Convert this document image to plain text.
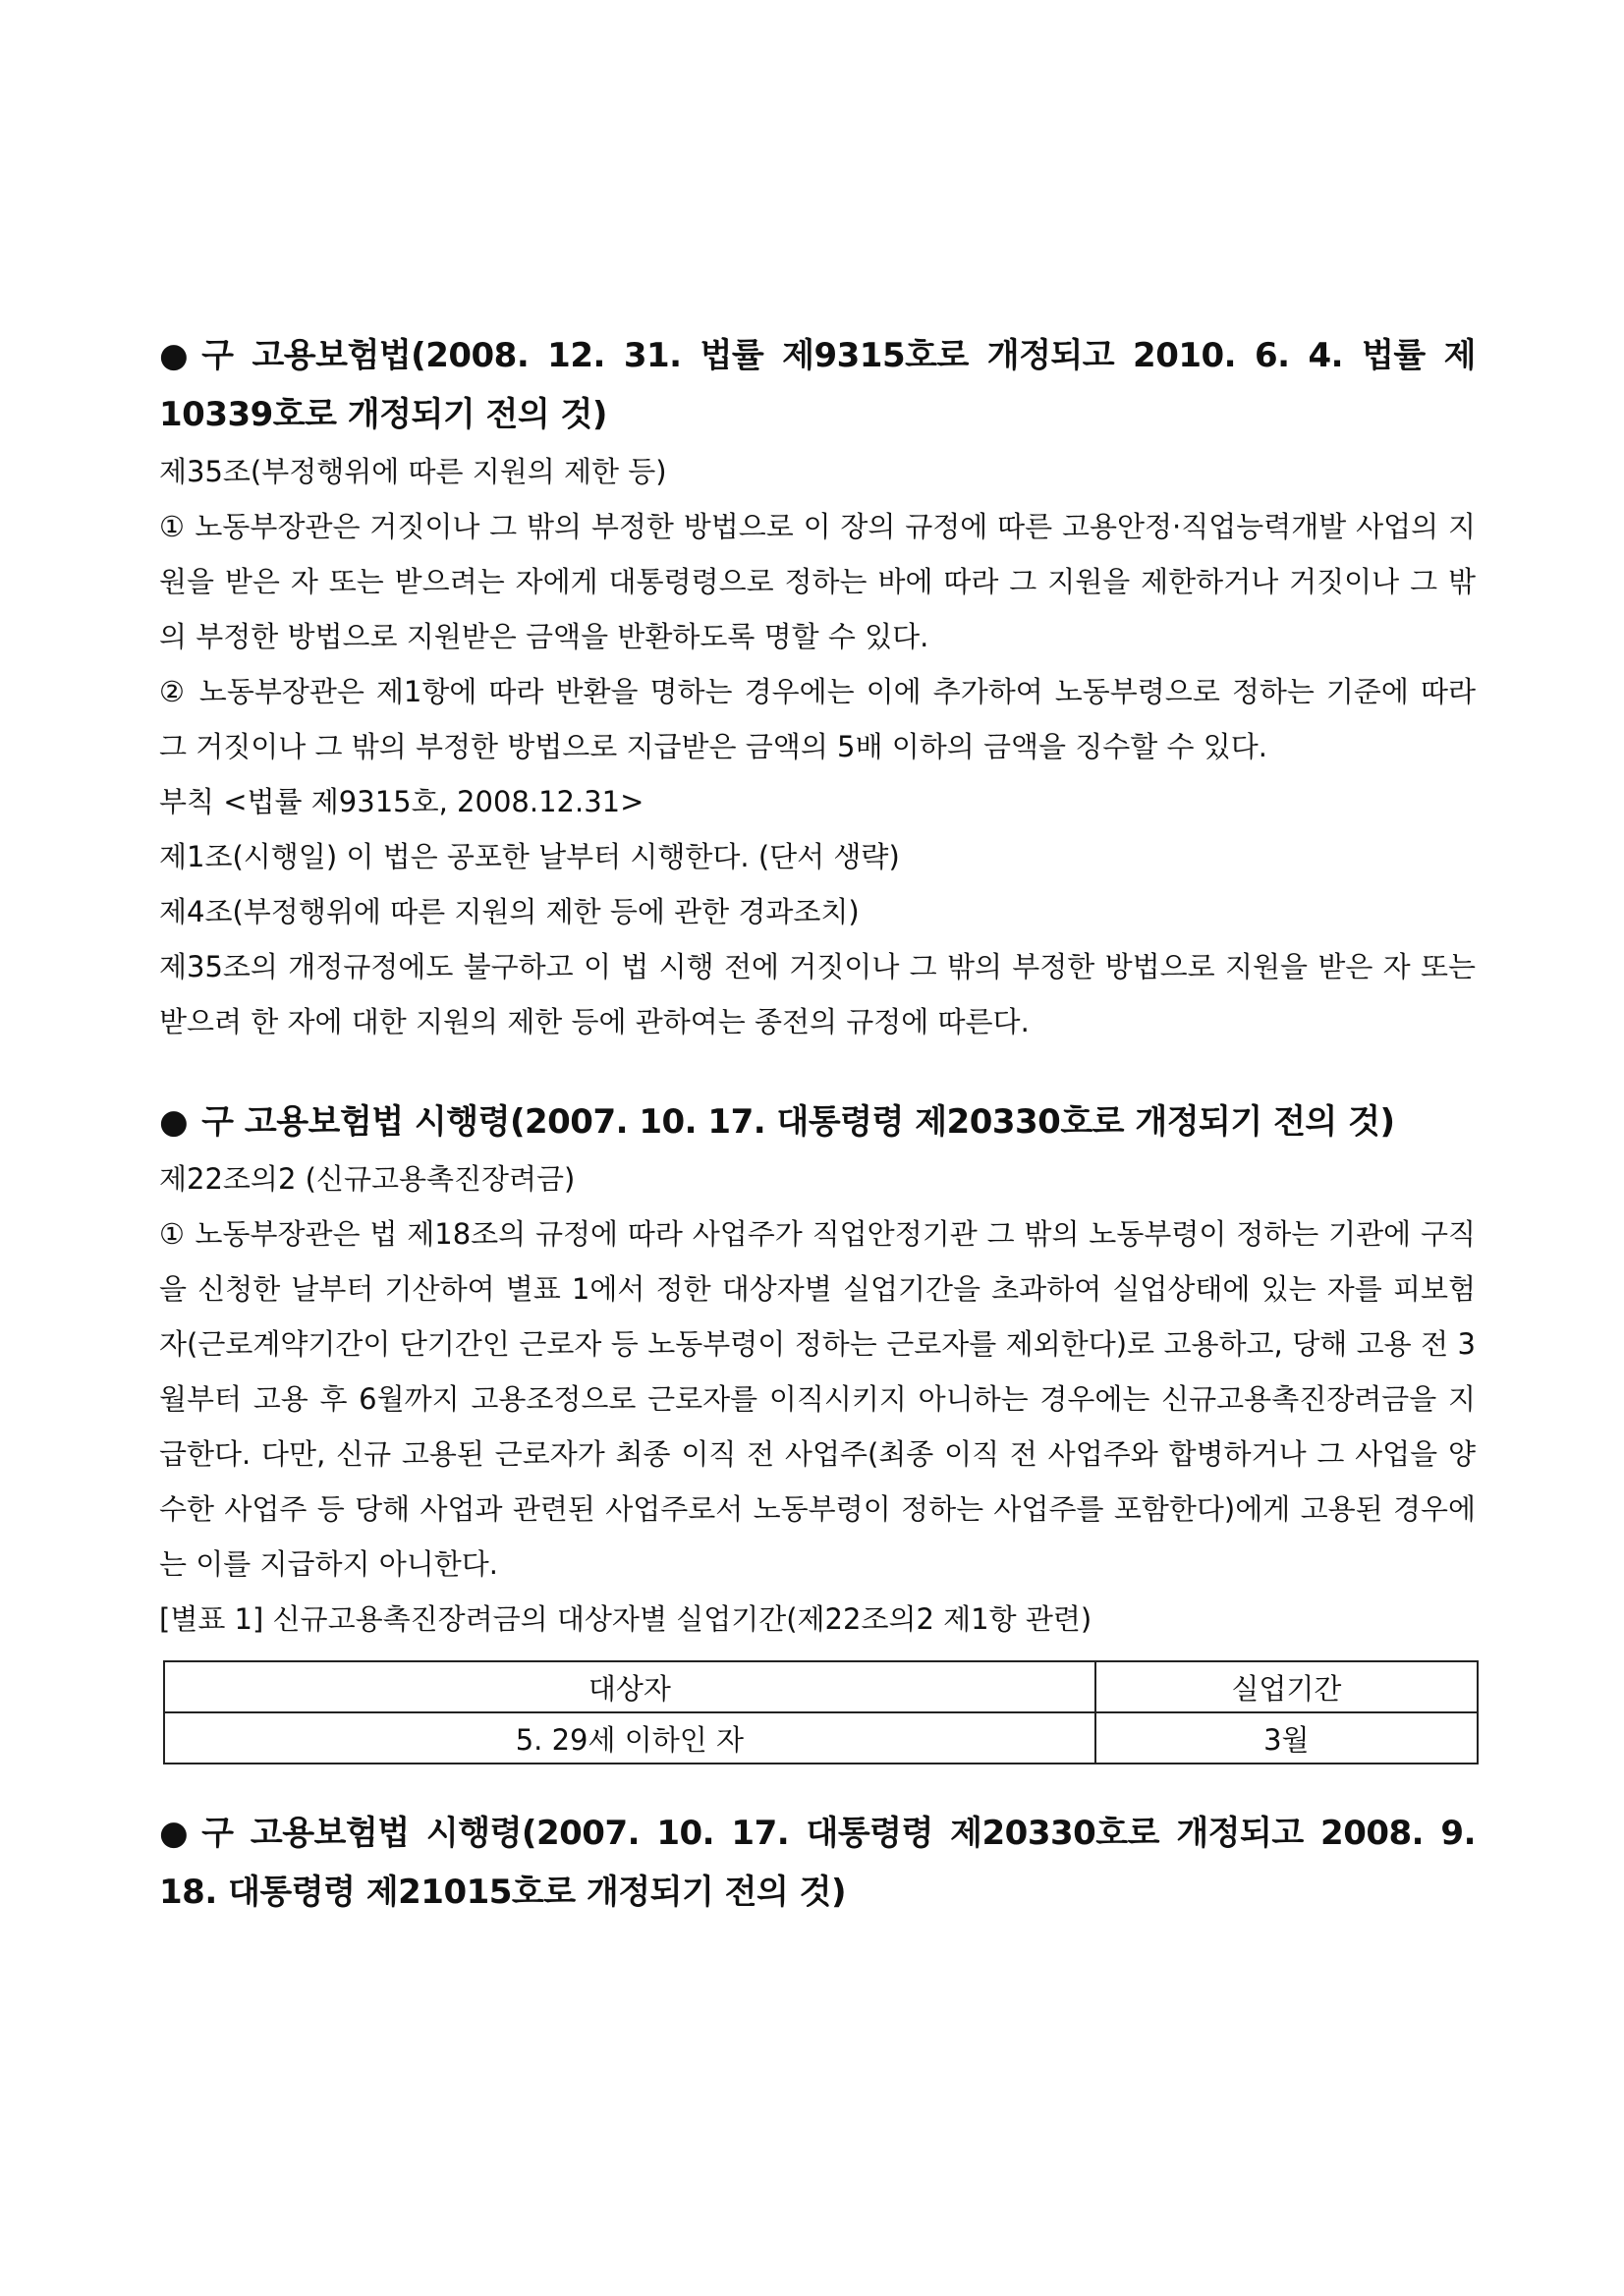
● 구 고용보험법(2008. 12. 31. 법률 제9315호로 개정되고 2010. 6. 4. 법률 제10339호로 개정되기 전의 것)

제35조(부정행위에 따른 지원의 제한 등)

① 노동부장관은 거짓이나 그 밖의 부정한 방법으로 이 장의 규정에 따른 고용안정·직업능력개발 사업의 지원을 받은 자 또는 받으려는 자에게 대통령령으로 정하는 바에 따라 그 지원을 제한하거나 거짓이나 그 밖의 부정한 방법으로 지원받은 금액을 반환하도록 명할 수 있다.

② 노동부장관은 제1항에 따라 반환을 명하는 경우에는 이에 추가하여 노동부령으로 정하는 기준에 따라 그 거짓이나 그 밖의 부정한 방법으로 지급받은 금액의 5배 이하의 금액을 징수할 수 있다.

부칙 <법률 제9315호, 2008.12.31>

제1조(시행일) 이 법은 공포한 날부터 시행한다. (단서 생략)

제4조(부정행위에 따른 지원의 제한 등에 관한 경과조치)

제35조의 개정규정에도 불구하고 이 법 시행 전에 거짓이나 그 밖의 부정한 방법으로 지원을 받은 자 또는 받으려 한 자에 대한 지원의 제한 등에 관하여는 종전의 규정에 따른다.

● 구 고용보험법 시행령(2007. 10. 17. 대통령령 제20330호로 개정되기 전의 것)

제22조의2 (신규고용촉진장려금)

① 노동부장관은 법 제18조의 규정에 따라 사업주가 직업안정기관 그 밖의 노동부령이 정하는 기관에 구직을 신청한 날부터 기산하여 별표 1에서 정한 대상자별 실업기간을 초과하여 실업상태에 있는 자를 피보험자(근로계약기간이 단기간인 근로자 등 노동부령이 정하는 근로자를 제외한다)로 고용하고, 당해 고용 전 3월부터 고용 후 6월까지 고용조정으로 근로자를 이직시키지 아니하는 경우에는 신규고용촉진장려금을 지급한다. 다만, 신규 고용된 근로자가 최종 이직 전 사업주(최종 이직 전 사업주와 합병하거나 그 사업을 양수한 사업주 등 당해 사업과 관련된 사업주로서 노동부령이 정하는 사업주를 포함한다)에게 고용된 경우에는 이를 지급하지 아니한다.

[별표 1] 신규고용촉진장려금의 대상자별 실업기간(제22조의2 제1항 관련)

대상자	실업기간
5. 29세 이하인 자	3월

● 구 고용보험법 시행령(2007. 10. 17. 대통령령 제20330호로 개정되고 2008. 9. 18. 대통령령 제21015호로 개정되기 전의 것)
